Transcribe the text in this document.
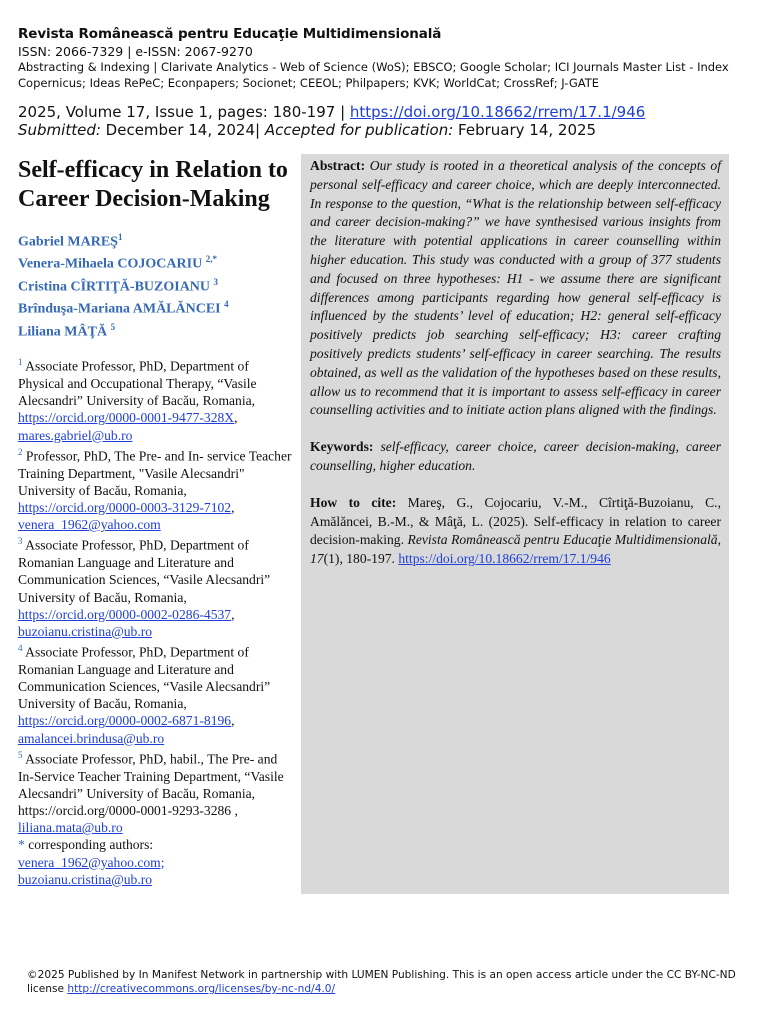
Revista Românească pentru Educaţie Multidimensională
ISSN: 2066-7329 | e-ISSN: 2067-9270
Abstracting & Indexing | Clarivate Analytics - Web of Science (WoS); EBSCO; Google Scholar; ICI Journals Master List - Index Copernicus; Ideas RePeC; Econpapers; Socionet; CEEOL; Philpapers; KVK; WorldCat; CrossRef; J-GATE
2025, Volume 17, Issue 1, pages: 180-197 | https://doi.org/10.18662/rrem/17.1/946
Submitted: December 14, 2024| Accepted for publication: February 14, 2025
Self-efficacy in Relation to Career Decision-Making
Gabriel MAREŞ$^1$
Venera-Mihaela COJOCARIU $^{2,*}$
Cristina CÎRTIŢĂ-BUZOIANU $^3$
Brînduşa-Mariana AMĂLĂNCEI $^4$
Liliana MÂŢĂ $^5$
$^1$ Associate Professor, PhD, Department of Physical and Occupational Therapy, “Vasile Alecsandri” University of Bacău, Romania, https://orcid.org/0000-0001-9477-328X,
mares.gabriel@ub.ro
$^2$ Professor, PhD, The Pre- and In- service Teacher Training Department, "Vasile Alecsandri" University of Bacău, Romania, https://orcid.org/0000-0003-3129-7102,
venera_1962@yahoo.com
$^3$ Associate Professor, PhD, Department of Romanian Language and Literature and Communication Sciences, “Vasile Alecsandri” University of Bacău, Romania, https://orcid.org/0000-0002-0286-4537,
buzoianu.cristina@ub.ro
$^4$ Associate Professor, PhD, Department of Romanian Language and Literature and Communication Sciences, “Vasile Alecsandri” University of Bacău, Romania, https://orcid.org/0000-0002-6871-8196,
amalancei.brindusa@ub.ro
$^5$ Associate Professor, PhD, habil., The Pre- and In-Service Teacher Training Department, “Vasile Alecsandri” University of Bacău, Romania, https://orcid.org/0000-0001-9293-3286 ,
liliana.mata@ub.ro
* corresponding authors:
venera_1962@yahoo.com;
buzoianu.cristina@ub.ro

Abstract: Our study is rooted in a theoretical analysis of the concepts of personal self-efficacy and career choice, which are deeply interconnected. In response to the question, “What is the relationship between self-efficacy and career decision-making?” we have synthesised various insights from the literature with potential applications in career counselling within higher education. This study was conducted with a group of 377 students and focused on three hypotheses: H1 - we assume there are significant differences among participants regarding how general self-efficacy is influenced by the students’ level of education; H2: general self-efficacy positively predicts job searching self-efficacy; H3: career crafting positively predicts students’ self-efficacy in career searching. The results obtained, as well as the validation of the hypotheses based on these results, allow us to recommend that it is important to assess self-efficacy in career counselling activities and to initiate action plans aligned with the findings.

Keywords: self-efficacy, career choice, career decision-making, career counselling, higher education.

How to cite: Mareş, G., Cojocariu, V.-M., Cîrtiţă-Buzoianu, C., Amălăncei, B.-M., & Mâţă, L. (2025). Self-efficacy in relation to career decision-making. Revista Românească pentru Educaţie Multidimensională, 17(1), 180-197. https://doi.org/10.18662/rrem/17.1/946

©2025 Published by In Manifest Network in partnership with LUMEN Publishing. This is an open access article under the CC BY-NC-ND license http://creativecommons.org/licenses/by-nc-nd/4.0/
